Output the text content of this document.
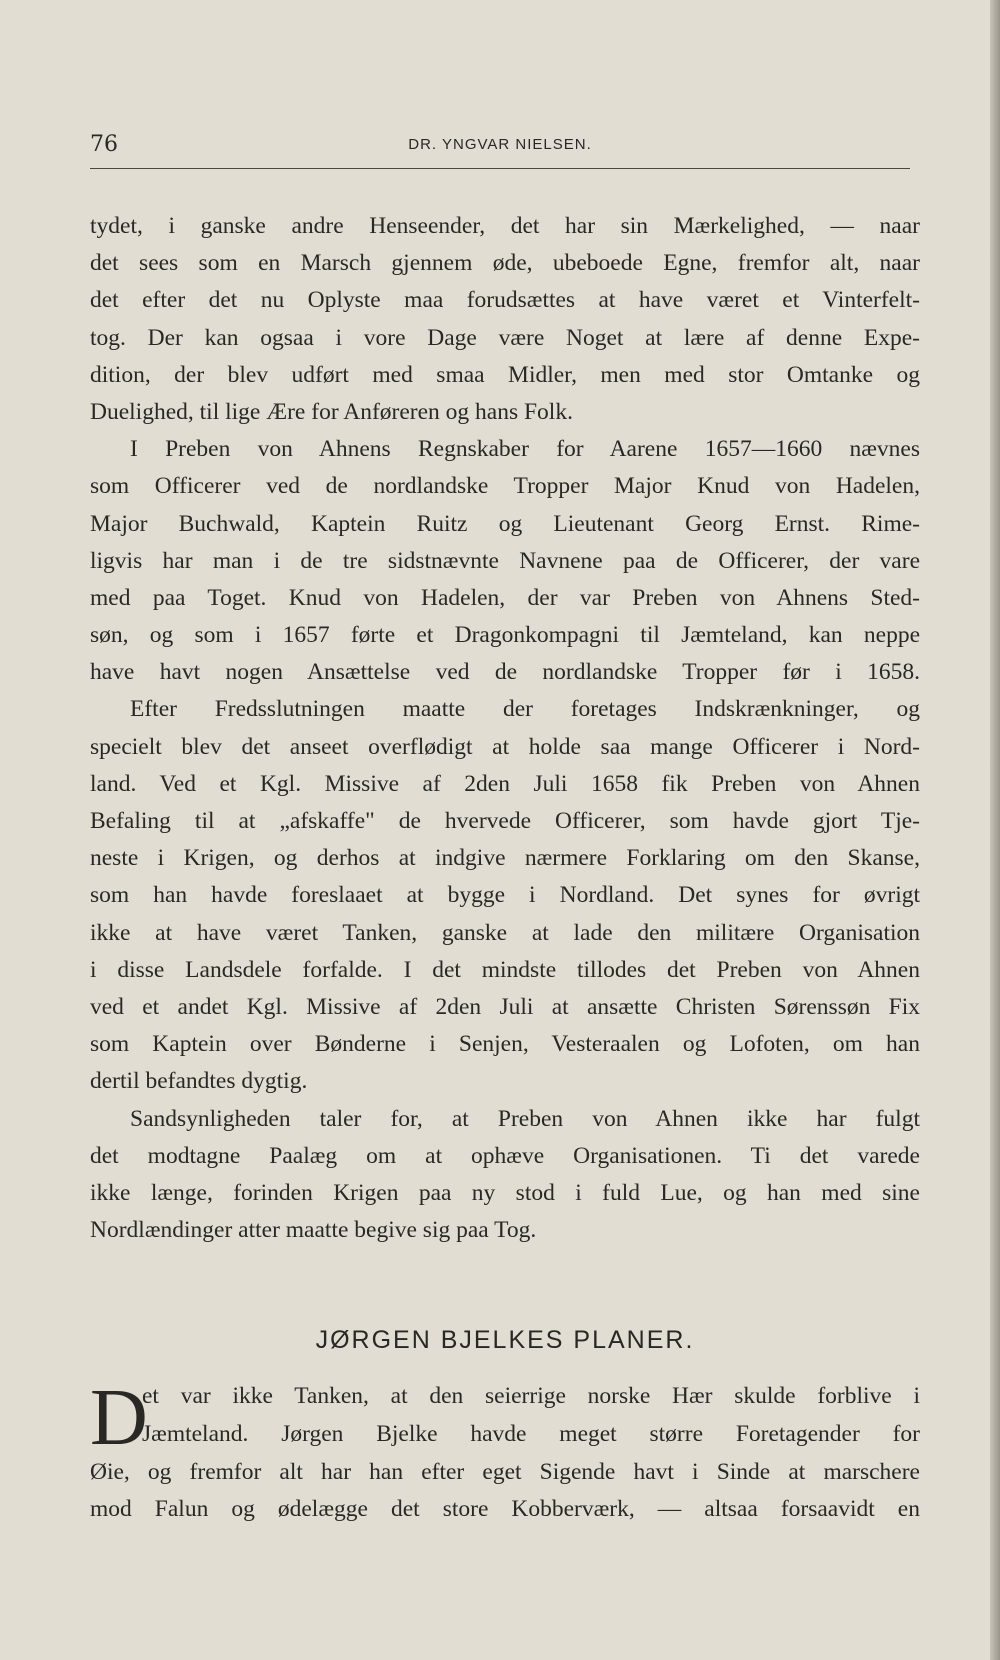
76	DR. YNGVAR NIELSEN.
tydet, i ganske andre Henseender, det har sin Mærkelighed, — naar
det sees som en Marsch gjennem øde, ubeboede Egne, fremfor alt, naar
det efter det nu Oplyste maa forudsættes at have været et Vinterfelt-
tog. Der kan ogsaa i vore Dage være Noget at lære af denne Expe-
dition, der blev udført med smaa Midler, men med stor Omtanke og
Duelighed, til lige Ære for Anføreren og hans Folk.
I Preben von Ahnens Regnskaber for Aarene 1657—1660 nævnes
som Officerer ved de nordlandske Tropper Major Knud von Hadelen,
Major Buchwald, Kaptein Ruitz og Lieutenant Georg Ernst. Rime-
ligvis har man i de tre sidstnævnte Navnene paa de Officerer, der vare
med paa Toget. Knud von Hadelen, der var Preben von Ahnens Sted-
søn, og som i 1657 førte et Dragonkompagni til Jæmteland, kan neppe
have havt nogen Ansættelse ved de nordlandske Tropper før i 1658.
Efter Fredsslutningen maatte der foretages Indskrænkninger, og
specielt blev det anseet overflødigt at holde saa mange Officerer i Nord-
land. Ved et Kgl. Missive af 2den Juli 1658 fik Preben von Ahnen
Befaling til at „afskaffe" de hvervede Officerer, som havde gjort Tje-
neste i Krigen, og derhos at indgive nærmere Forklaring om den Skanse,
som han havde foreslaaet at bygge i Nordland. Det synes for øvrigt
ikke at have været Tanken, ganske at lade den militære Organisation
i disse Landsdele forfalde. I det mindste tillodes det Preben von Ahnen
ved et andet Kgl. Missive af 2den Juli at ansætte Christen Sørenssøn Fix
som Kaptein over Bønderne i Senjen, Vesteraalen og Lofoten, om han
dertil befandtes dygtig.
Sandsynligheden taler for, at Preben von Ahnen ikke har fulgt
det modtagne Paalæg om at ophæve Organisationen. Ti det varede
ikke længe, forinden Krigen paa ny stod i fuld Lue, og han med sine
Nordlændinger atter maatte begive sig paa Tog.
JØRGEN BJELKES PLANER.
D
et var ikke Tanken, at den seierrige norske Hær skulde forblive i
Jæmteland. Jørgen Bjelke havde meget større Foretagender for
Øie, og fremfor alt har han efter eget Sigende havt i Sinde at marschere
mod Falun og ødelægge det store Kobberværk, — altsaa forsaavidt en
